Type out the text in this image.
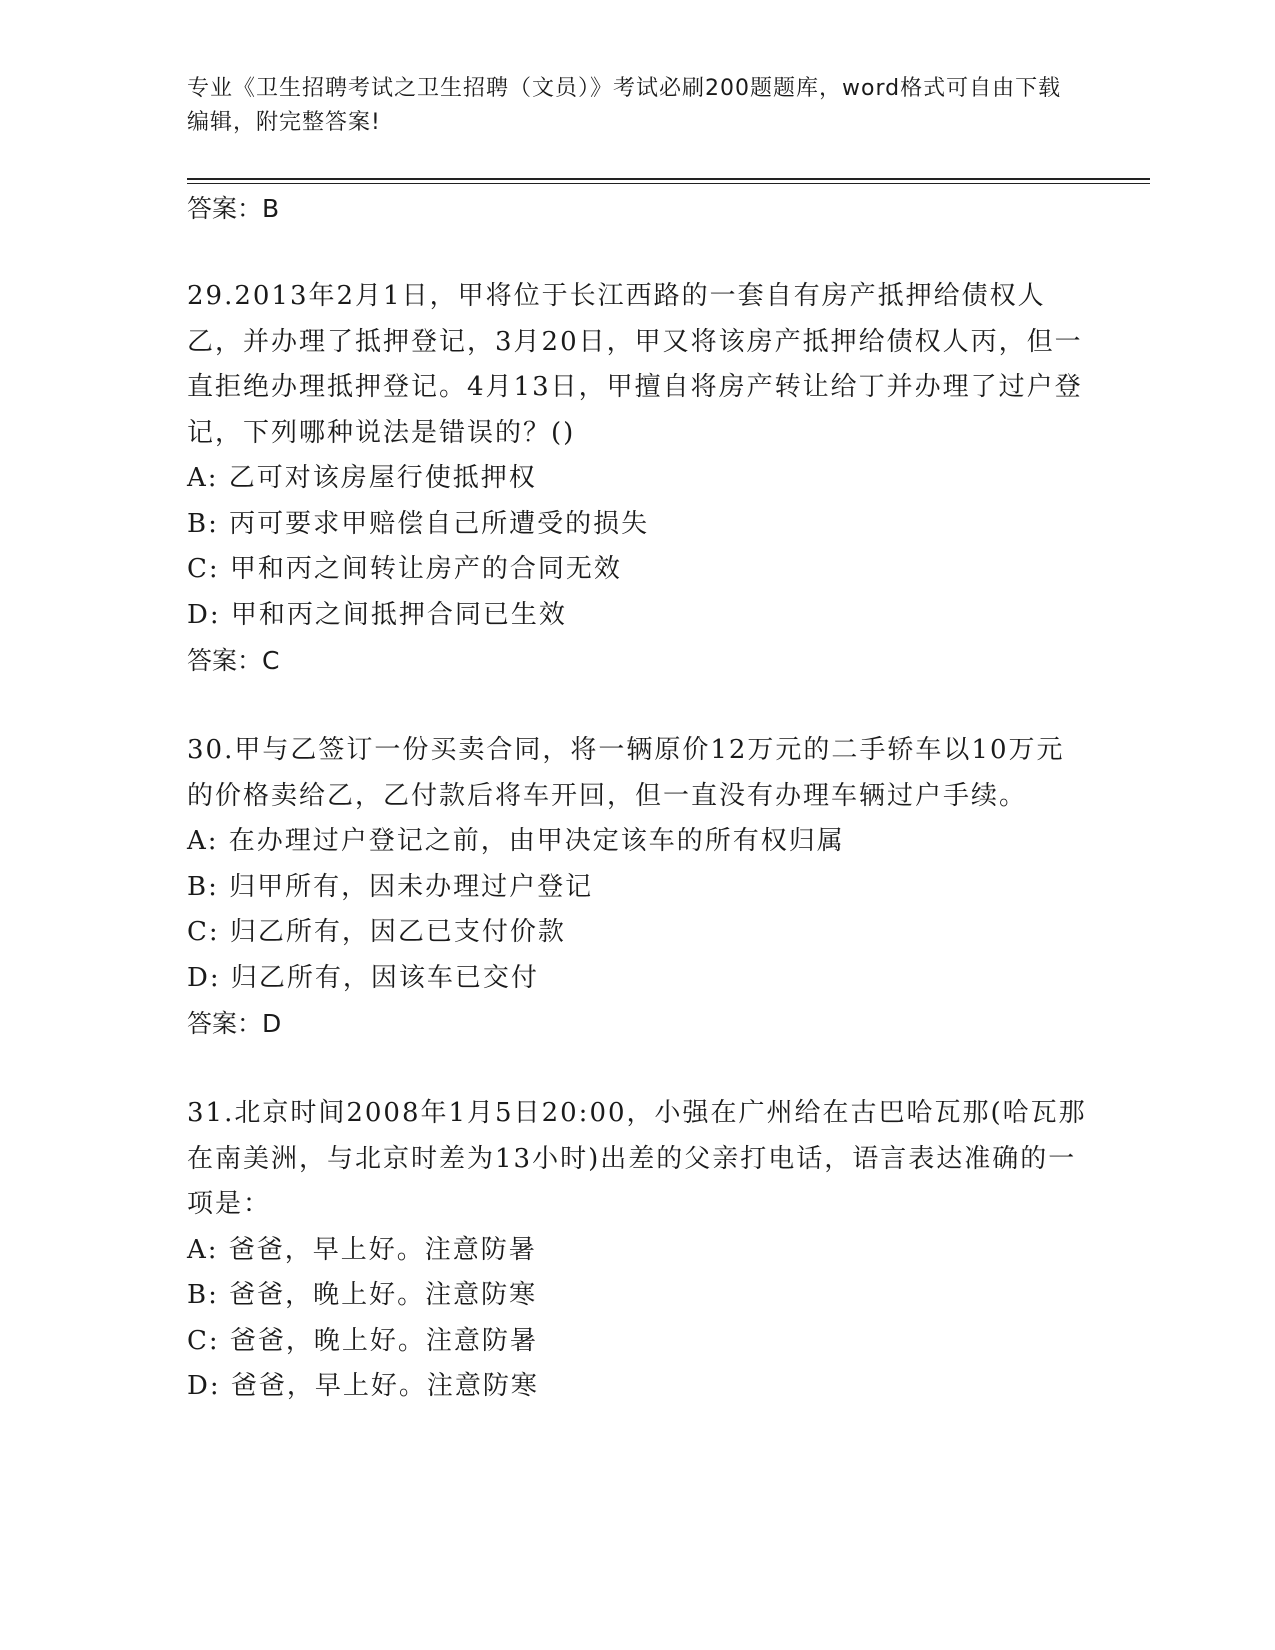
专业《卫生招聘考试之卫生招聘（文员）》考试必刷200题题库，word格式可自由下载编辑，附完整答案!

答案：B

29.2013年2月1日，甲将位于长江西路的一套自有房产抵押给债权人乙，并办理了抵押登记，3月20日，甲又将该房产抵押给债权人丙，但一直拒绝办理抵押登记。4月13日，甲擅自将房产转让给丁并办理了过户登记，下列哪种说法是错误的？()

A: 乙可对该房屋行使抵押权

B: 丙可要求甲赔偿自己所遭受的损失

C: 甲和丙之间转让房产的合同无效

D: 甲和丙之间抵押合同已生效

答案：C

30.甲与乙签订一份买卖合同，将一辆原价12万元的二手轿车以10万元的价格卖给乙，乙付款后将车开回，但一直没有办理车辆过户手续。

A: 在办理过户登记之前，由甲决定该车的所有权归属

B: 归甲所有，因未办理过户登记

C: 归乙所有，因乙已支付价款

D: 归乙所有，因该车已交付

答案：D

31.北京时间2008年1月5日20:00，小强在广州给在古巴哈瓦那(哈瓦那在南美洲，与北京时差为13小时)出差的父亲打电话，语言表达准确的一项是：

A: 爸爸，早上好。注意防暑

B: 爸爸，晚上好。注意防寒

C: 爸爸，晚上好。注意防暑

D: 爸爸，早上好。注意防寒
